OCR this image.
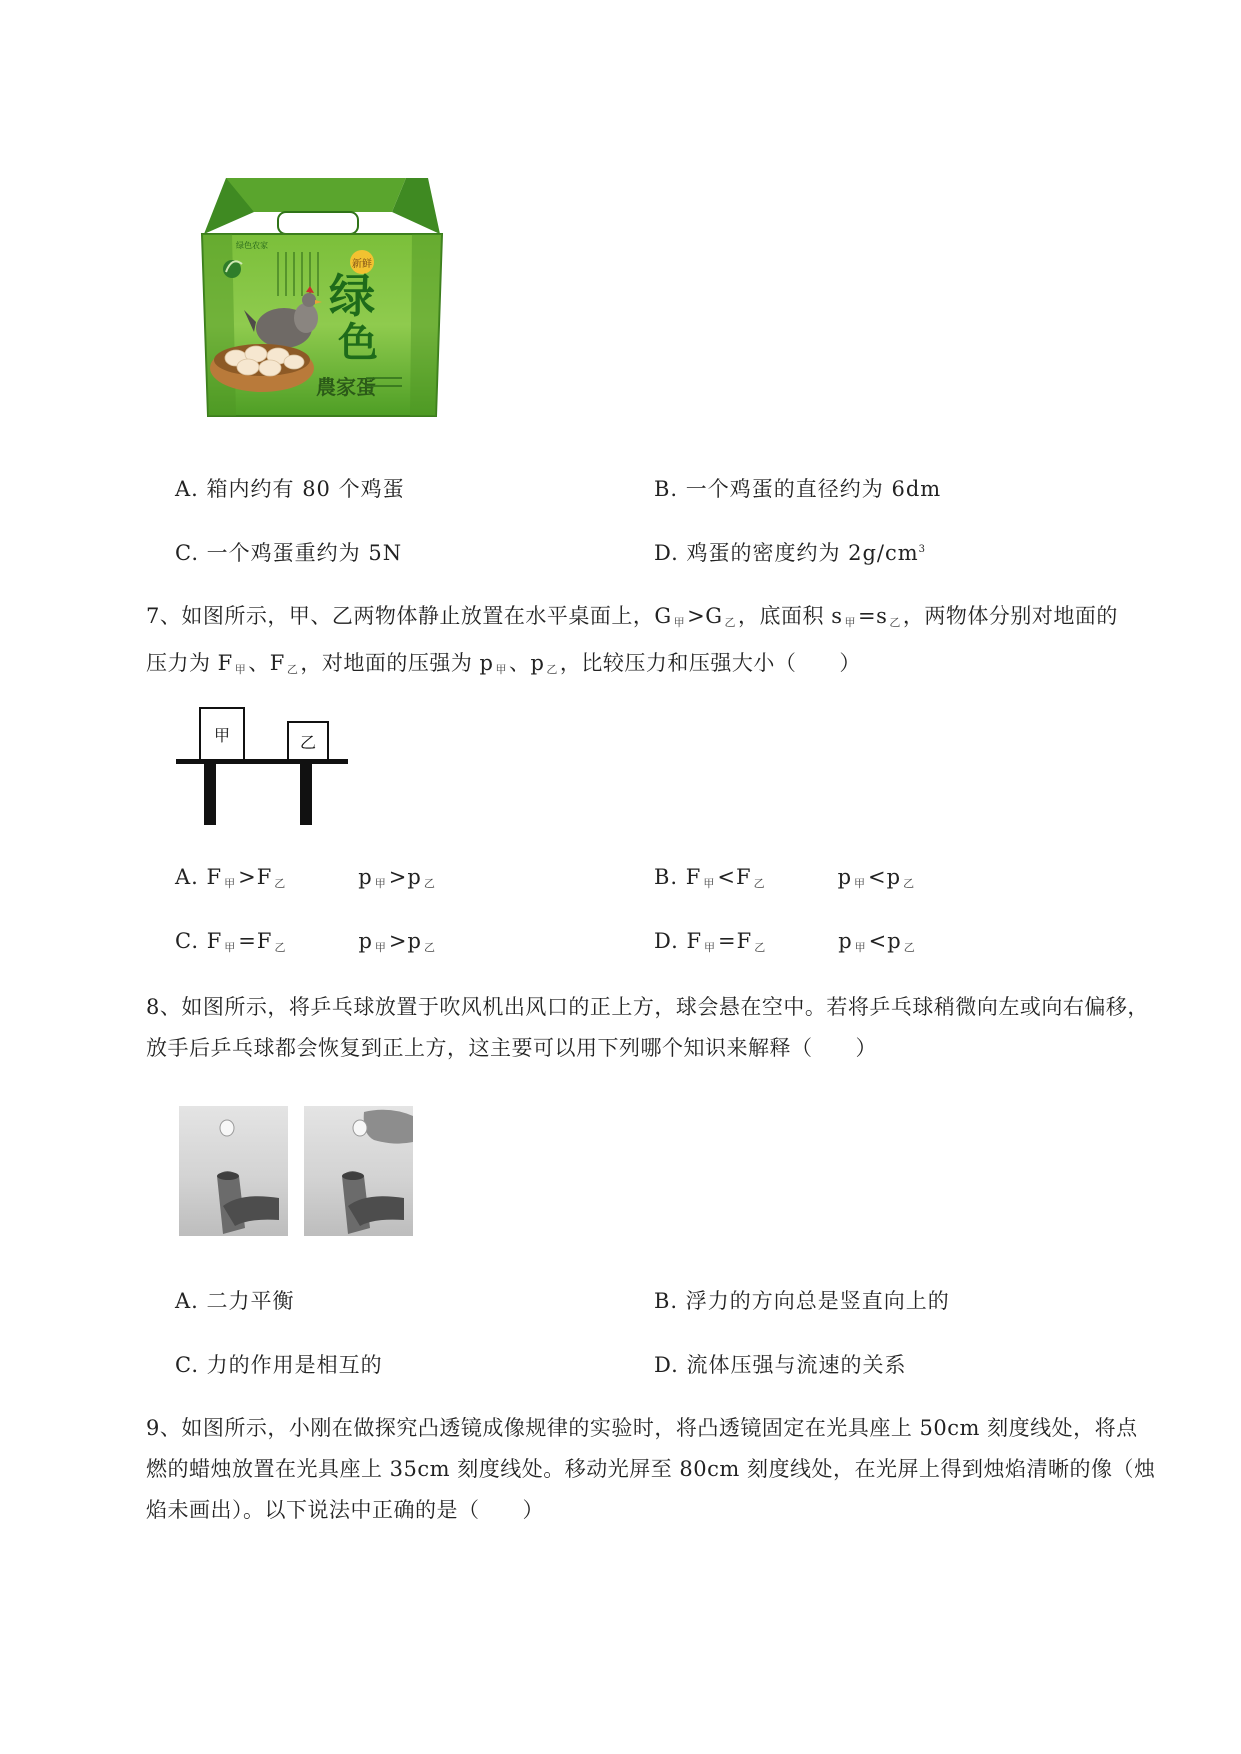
新鲜
绿
色
農家蛋
绿色农家
A. 箱内约有 80 个鸡蛋	B. 一个鸡蛋的直径约为 6dm
C. 一个鸡蛋重约为 5N	D. 鸡蛋的密度约为 $2g/cm^3$
7、如图所示，甲、乙两物体静止放置在水平桌面上，G $_甲$>G $_乙$，底面积 s $_甲$=s $_乙$，两物体分别对地面的
压力为 F $_甲$、F $_乙$，对地面的压强为 p $_甲$、p $_乙$，比较压力和压强大小（　　）
甲	乙
A. F $_甲$>F $_乙$	p $_甲$>p $_乙$	B. F $_甲$<F $_乙$	p $_甲$<p $_乙$
C. F $_甲$=F $_乙$	p $_甲$>p $_乙$	D. F $_甲$=F $_乙$	p $_甲$<p $_乙$
8、如图所示，将乒乓球放置于吹风机出风口的正上方，球会悬在空中。若将乒乓球稍微向左或向右偏移，放手后乒乓球都会恢复到正上方，这主要可以用下列哪个知识来解释（　　）
A. 二力平衡	B. 浮力的方向总是竖直向上的
C. 力的作用是相互的	D. 流体压强与流速的关系
9、如图所示，小刚在做探究凸透镜成像规律的实验时，将凸透镜固定在光具座上 50cm 刻度线处，将点燃的蜡烛放置在光具座上 35cm 刻度线处。移动光屏至 80cm 刻度线处，在光屏上得到烛焰清晰的像（烛焰未画出）。以下说法中正确的是（　　）
